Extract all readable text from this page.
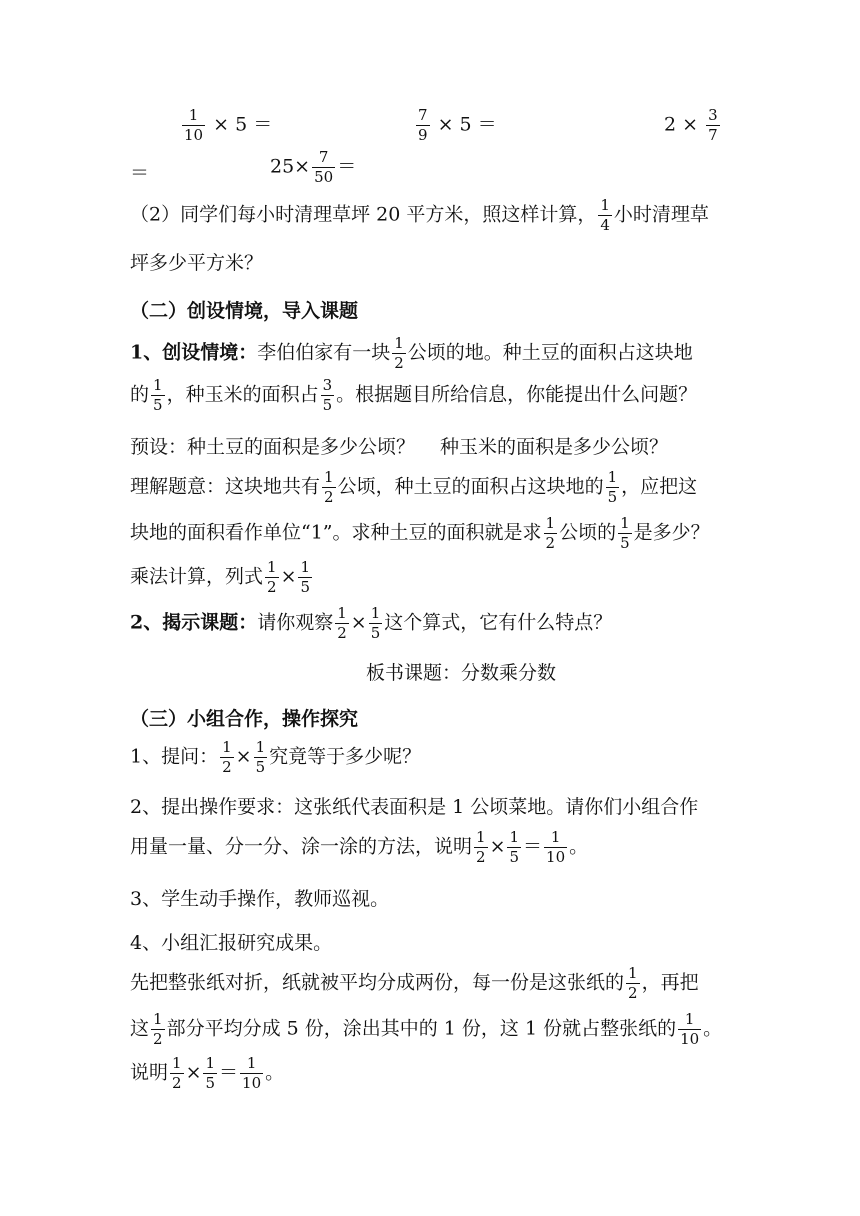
$\frac{1}{10} \times 5$ ＝	$\frac{7}{9} \times 5$ ＝	$2 \times \frac{3}{7}$
＝	$25\times \frac{7}{50}$ ＝
（2）同学们每小时清理草坪 20 平方米，照这样计算， $\frac{1}{4}$ 小时清理草
坪多少平方米？
（二）创设情境，导入课题
1、创设情境：李伯伯家有一块 $\frac{1}{2}$ 公顷的地。种土豆的面积占这块地
的 $\frac{1}{5}$ ，种玉米的面积占 $\frac{3}{5}$ 。根据题目所给信息，你能提出什么问题？
预设：种土豆的面积是多少公顷？　 种玉米的面积是多少公顷？
理解题意：这块地共有 $\frac{1}{2}$ 公顷，种土豆的面积占这块地的 $\frac{1}{5}$ ，应把这
块地的面积看作单位“1”。求种土豆的面积就是求 $\frac{1}{2}$ 公顷的 $\frac{1}{5}$ 是多少？
乘法计算，列式 $\frac{1}{2} \times \frac{1}{5}$
2、揭示课题：请你观察 $\frac{1}{2} \times \frac{1}{5}$ 这个算式，它有什么特点？
板书课题：分数乘分数
（三）小组合作，操作探究
1、提问： $\frac{1}{2} \times \frac{1}{5}$ 究竟等于多少呢？
2、提出操作要求：这张纸代表面积是 1 公顷菜地。请你们小组合作
用量一量、分一分、涂一涂的方法，说明 $\frac{1}{2} \times \frac{1}{5} = \frac{1}{10}$ 。
3、学生动手操作，教师巡视。
4、小组汇报研究成果。
先把整张纸对折，纸就被平均分成两份，每一份是这张纸的 $\frac{1}{2}$ ，再把
这 $\frac{1}{2}$ 部分平均分成 5 份，涂出其中的 1 份，这 1 份就占整张纸的 $\frac{1}{10}$ 。
说明 $\frac{1}{2} \times \frac{1}{5} = \frac{1}{10}$ 。
